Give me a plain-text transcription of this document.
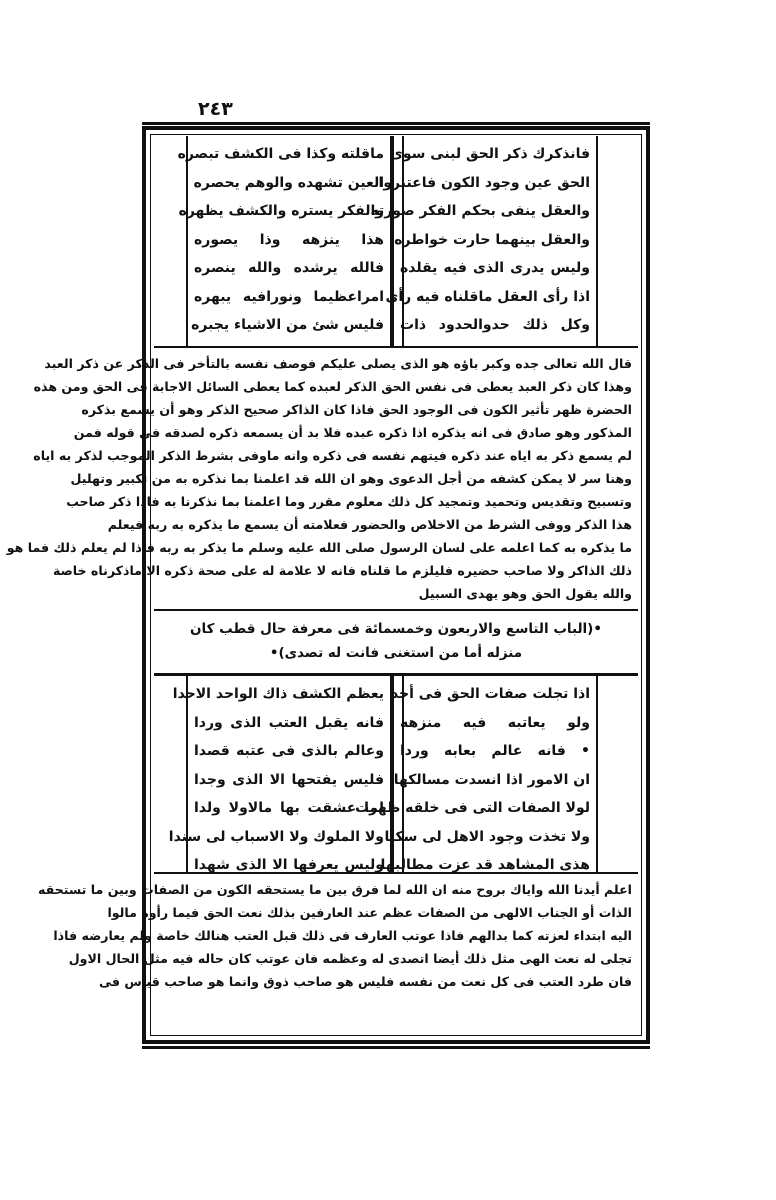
٢٤٣
فانذكرك ذكر الحق لبنى سوى
الحق عين وجود الكون فاعتبروا
والعقل ينفى بحكم الفكر صورته
والعقل بينهما حارت خواطره
وليس يدرى الذى فيه يقلده
اذا رأى العقل ماقلناه فيه رأى
وكل ذلك حدوالحدود ذات
ماقلته وكذا فى الكشف تبصره
العين تشهده والوهم يحصره
والفكر يستره والكشف يظهره
هذا ينزهه وذا يصوره
فالله يرشده والله ينصره
امراعظيما ونورافيه يبهره
فليس شئ من الاشياء يجبره
قال الله تعالى جده وكبر باؤه هو الذى يصلى عليكم فوصف نفسه بالتأخر فى الذكر عن ذكر العبد
وهذا كان ذكر العبد يعطى فى نفس الحق الذكر لعبده كما يعطى السائل الاجابة فى الحق ومن هذه
الحضرة ظهر تأثير الكون فى الوجود الحق فاذا كان الذاكر صحيح الذكر وهو أن يسمع بذكره
المذكور وهو صادق فى انه يذكره اذا ذكره عبده فلا بد أن يسمعه ذكره لصدقه فى قوله فمن
لم يسمع ذكر به اياه عند ذكره فيتهم نفسه فى ذكره وانه ماوفى بشرط الذكر الموجب لذكر به اياه
وهنا سر لا يمكن كشفه من أجل الدعوى وهو ان الله قد اعلمنا بما نذكره به من تكبير وتهليل
وتسبيح وتقديس وتحميد وتمجيد كل ذلك معلوم مقرر وما اعلمنا بما نذكرنا به فاذا ذكر صاحب
هذا الذكر ووفى الشرط من الاخلاص والحضور فعلامته أن يسمع ما يذكره به ربه فيعلم
ما يذكره به كما اعلمه على لسان الرسول صلى الله عليه وسلم ما يذكر به ربه فاذا لم يعلم ذلك فما هو
ذلك الذاكر ولا صاحب حضيره فليلزم ما قلناه فانه لا علامة له على صحة ذكره الا ماذكرناه خاصة
والله يقول الحق وهو يهدى السبيل
•(الباب التاسع والاربعون وخمسمائة فى معرفة حال قطب كان
منزله أما من استغنى فانت له تصدى)•
اذا تجلت صفات الحق فى أحد
ولو يعاتبه فيه منزهه
• فانه عالم بعابه وردا
ان الامور اذا انسدت مسالكها
لولا الصفات التى فى خلقه ظهرت
ولا تخذت وجود الاهل لى سكنا
هذى المشاهد قد عزت مطالبها
يعظم الكشف ذاك الواحد الاحدا
فانه يقبل العتب الذى وردا
وعالم بالذى فى عتبه قصدا
فليس يفتحها الا الذى وجدا
لما عشقت بها مالاولا ولدا
ولا الملوك ولا الاسباب لى سندا
وليس يعرفها الا الذى شهدا
اعلم أيدنا الله واياك بروح منه ان الله لما فرق بين ما يستحقه الكون من الصفات وبين ما تستحقه
الذات أو الجناب الالهى من الصفات عظم عند العارفين بذلك نعت الحق فيما رأوه مالوا
اليه ابتداء لعزته كما بدالهم فاذا عوتب العارف فى ذلك قبل العتب هنالك خاصة ولم يعارضه فاذا
تجلى له نعت الهى مثل ذلك أيضا اتصدى له وعظمه فان عوتب كان حاله فيه مثل الحال الاول
فان طرد العتب فى كل نعت من نفسه فليس هو صاحب ذوق وانما هو صاحب قياس فى
